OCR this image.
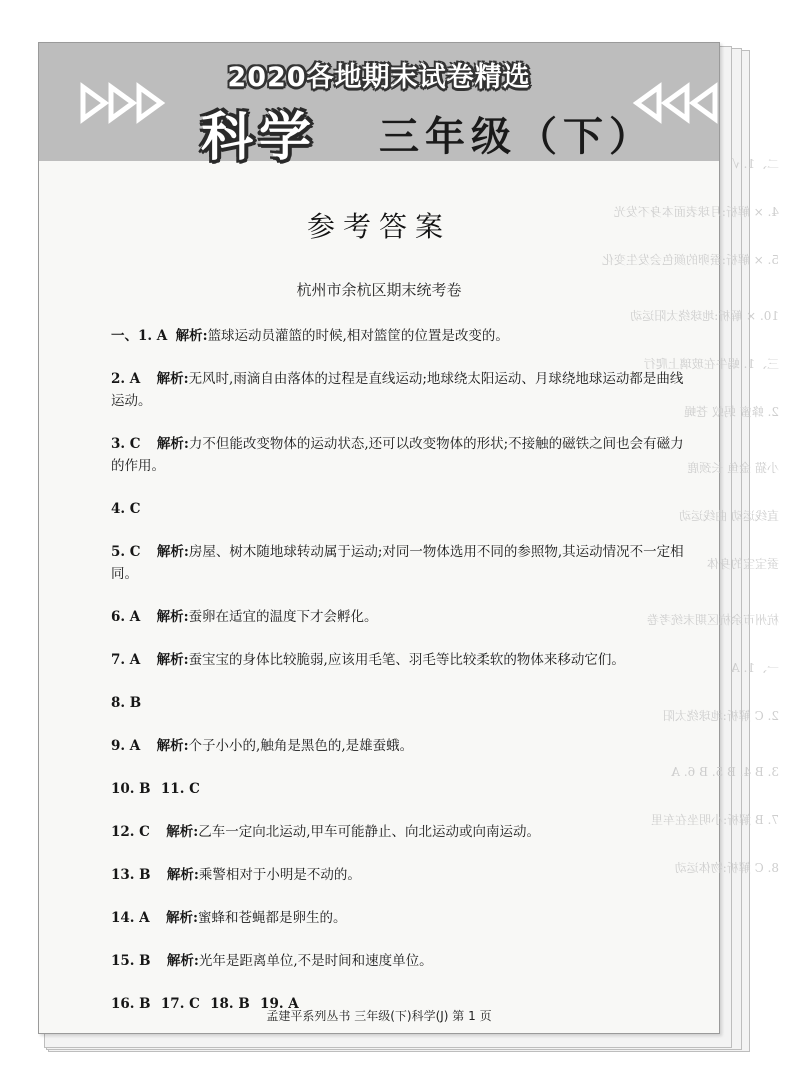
二、1. √
4. × 解析:月球表面本身不发光
5. × 解析:蚕卵的颜色会发生变化
10. × 解析:地球绕太阳运动
三、1. 蜗牛在玻璃上爬行
2. 蜂蜜 蚂蚁 苍蝇
小猫 金鱼 长颈鹿
直线运动 曲线运动
蚕宝宝的身体
杭州市余杭区期末统考卷
一、1. A
2. C 解析:地球绕太阳
3. B 4. B 5. B 6. A
7. B 解析:小明坐在车里
8. C 解析:物体运动
2020各地期末试卷精选
科学 三年级（下）
参考答案
杭州市余杭区期末统考卷
一、1. A 解析:篮球运动员灌篮的时候,相对篮筐的位置是改变的。
2. A 解析:无风时,雨滴自由落体的过程是直线运动;地球绕太阳运动、月球绕地球运动都是曲线运动。
3. C 解析:力不但能改变物体的运动状态,还可以改变物体的形状;不接触的磁铁之间也会有磁力的作用。
4. C
5. C 解析:房屋、树木随地球转动属于运动;对同一物体选用不同的参照物,其运动情况不一定相同。
6. A 解析:蚕卵在适宜的温度下才会孵化。
7. A 解析:蚕宝宝的身体比较脆弱,应该用毛笔、羽毛等比较柔软的物体来移动它们。
8. B
9. A 解析:个子小小的,触角是黑色的,是雄蚕蛾。
10. B 11. C
12. C 解析:乙车一定向北运动,甲车可能静止、向北运动或向南运动。
13. B 解析:乘警相对于小明是不动的。
14. A 解析:蜜蜂和苍蝇都是卵生的。
15. B 解析:光年是距离单位,不是时间和速度单位。
16. B 17. C 18. B 19. A
孟建平系列丛书 三年级(下)科学(J) 第 1 页
